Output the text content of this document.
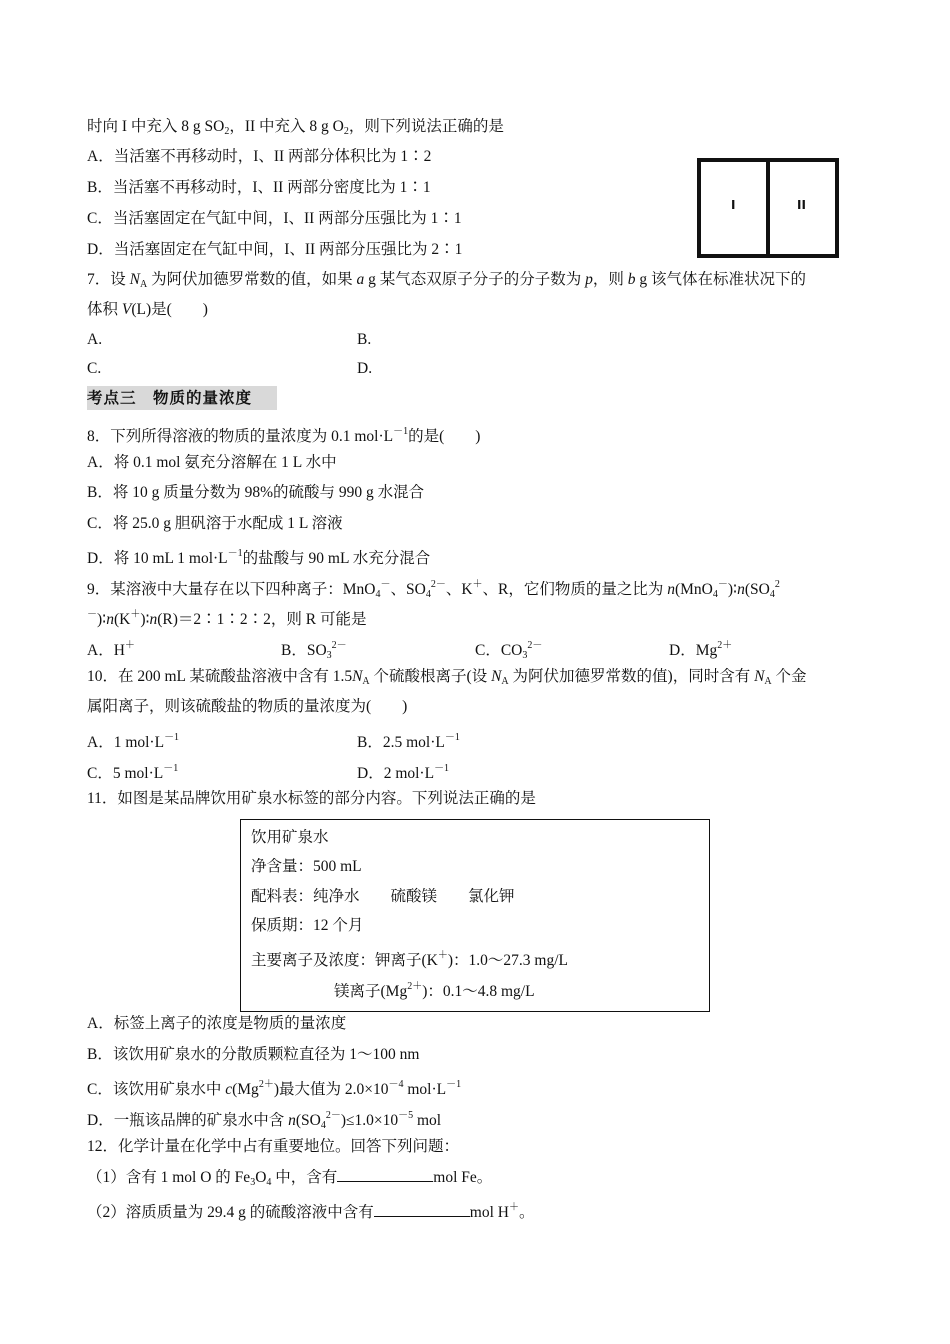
时向 I 中充入 8 g $SO_2$，II 中充入 8 g $O_2$，则下列说法正确的是
A．当活塞不再移动时，I、II 两部分体积比为 1∶2
B．当活塞不再移动时，I、II 两部分密度比为 1∶1
C．当活塞固定在气缸中间，I、II 两部分压强比为 1∶1
D．当活塞固定在气缸中间，I、II 两部分压强比为 2∶1
I	II
7．设 $N_A$ 为阿伏加德罗常数的值，如果 a g 某气态双原子分子的分子数为 p，则 b g 该气体在标准状况下的
体积 V(L)是(　　)
A.	B.
C.	D.
考点三　物质的量浓度
8．下列所得溶液的物质的量浓度为 0.1 $mol\cdot L^{-1}$的是(　　)
A．将 0.1 mol 氨充分溶解在 1 L 水中
B．将 10 g 质量分数为 98%的硫酸与 990 g 水混合
C．将 25.0 g 胆矾溶于水配成 1 L 溶液
D．将 10 mL 1 $mol\cdot L^{-1}$的盐酸与 90 mL 水充分混合
9．某溶液中大量存在以下四种离子：MnO$_4$－、$SO_4^{2-}$、K＋、R，它们物质的量之比为 $n(MnO_4^-)∶n(SO_4^2$
－)∶n(K＋)∶n(R)＝2∶1∶2∶2，则 R 可能是
A．H＋	B．$SO_3^{2-}$	C．$CO_3^{2-}$	D．$Mg^{2+}$
10．在 200 mL 某硫酸盐溶液中含有 $1.5N_A$ 个硫酸根离子(设 $N_A$ 为阿伏加德罗常数的值)，同时含有 $N_A$ 个金
属阳离子，则该硫酸盐的物质的量浓度为(　　)
A．1 $mol\cdot L^{-1}$	B．2.5 $mol\cdot L^{-1}$
C．5 $mol\cdot L^{-1}$	D．2 $mol\cdot L^{-1}$
11．如图是某品牌饮用矿泉水标签的部分内容。下列说法正确的是
饮用矿泉水
净含量：500 mL
配料表：纯净水　　硫酸镁　　氯化钾
保质期：12 个月
主要离子及浓度：钾离子(K＋)：1.0～27.3 mg/L
镁离子$(Mg^{2+})$：0.1～4.8 mg/L
A．标签上离子的浓度是物质的量浓度
B．该饮用矿泉水的分散质颗粒直径为 1～100 nm
C．该饮用矿泉水中 $c(Mg^{2+})$最大值为 $2.0\times 10^{-4}$ $mol\cdot L^{-1}$
D．一瓶该品牌的矿泉水中含 $n(SO_4^{2-})\le 1.0\times 10^{-5}$ mol
12．化学计量在化学中占有重要地位。回答下列问题：
（1）含有 1 mol O 的 $Fe_3O_4$ 中，含有	mol Fe。
（2）溶质质量为 29.4 g 的硫酸溶液中含有	mol H＋。
